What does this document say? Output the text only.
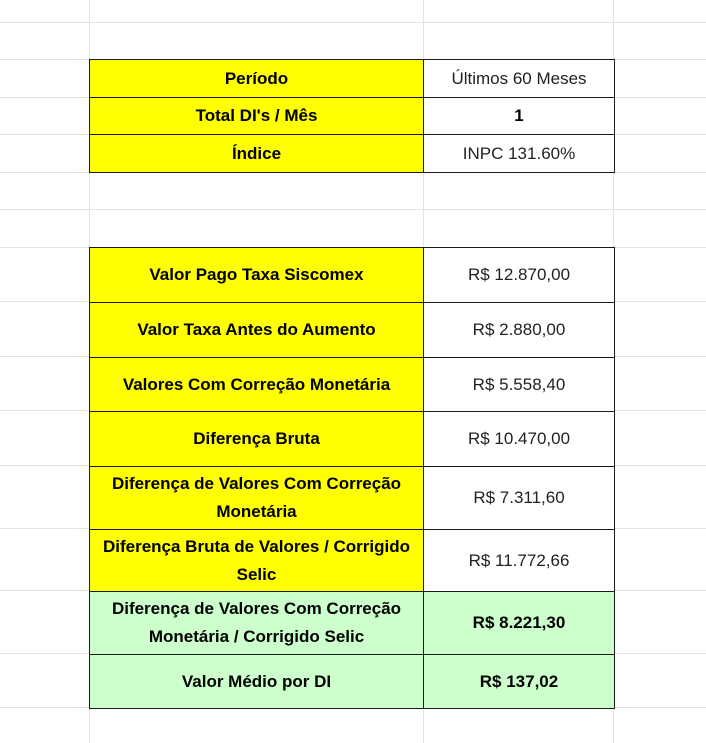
Período	Últimos 60 Meses
Total DI's / Mês	1
Índice	INPC 131.60%
Valor Pago Taxa Siscomex	R$ 12.870,00
Valor Taxa Antes do Aumento	R$ 2.880,00
Valores Com Correção Monetária	R$ 5.558,40
Diferença Bruta	R$ 10.470,00
Diferença de Valores Com Correção Monetária	R$ 7.311,60
Diferença Bruta de Valores / Corrigido Selic	R$ 11.772,66
Diferença de Valores Com Correção Monetária / Corrigido Selic	R$ 8.221,30
Valor Médio por DI	R$ 137,02
